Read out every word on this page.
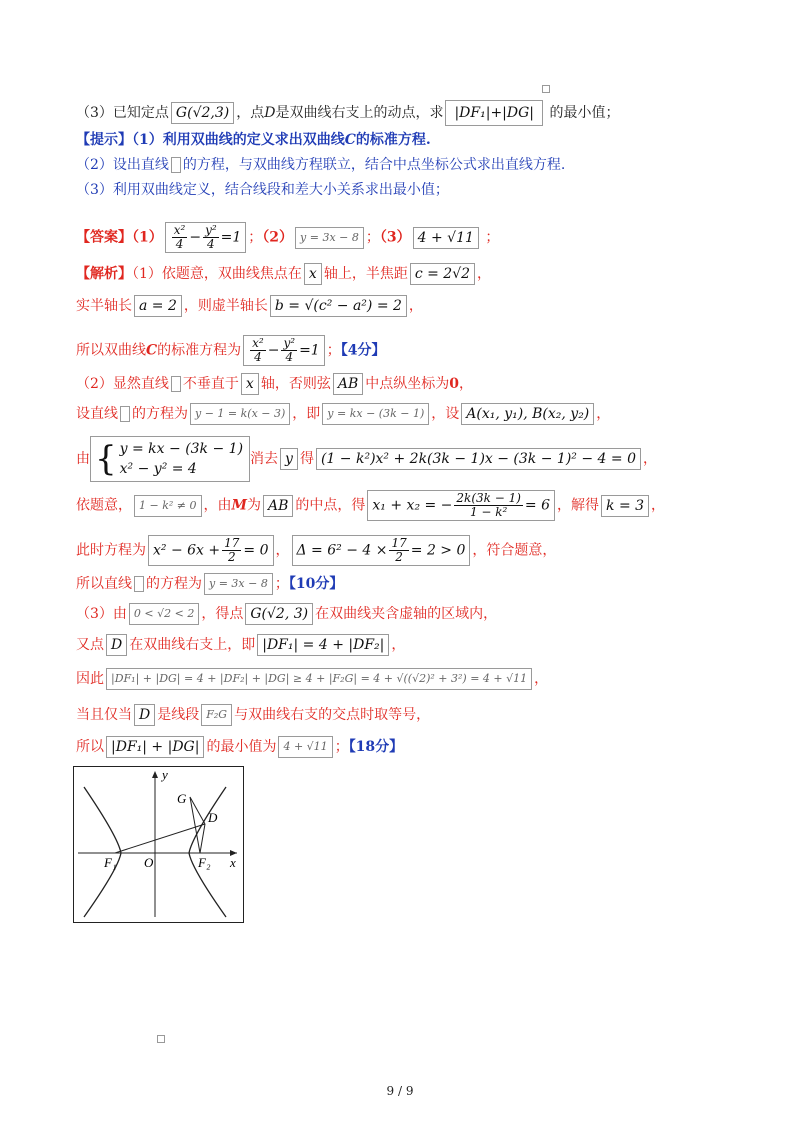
（3）已知定点 G(√2,3) ，点D是双曲线右支上的动点，求 |DF₁|+|DG| 的最小值；
【提示】（1）利用双曲线的定义求出双曲线C的标准方程.
（2）设出直线 的方程，与双曲线方程联立，结合中点坐标公式求出直线方程.
（3）利用双曲线定义，结合线段和差大小关系求出最小值；
【答案】$(1) \frac{\text{x²}}{4} - \frac{\text{y²}}{4} =1$ ；（2） y = 3x − 8 ；（3） 4 + √11 ；
【解析】（1）依题意，双曲线焦点在 x 轴上，半焦距 c = 2√2 ，
实半轴长 a = 2 ，则虚半轴长 b = √(c² − a²) = 2 ，
所以双曲线C的标准方程为 $\frac{\text{x²}}{4} - \frac{\text{y²}}{4} =1$ ；【4分】
（2）显然直线 不垂直于 x 轴，否则弦 AB 中点纵坐标为0，
设直线 的方程为 y − 1 = k(x − 3) ，即 y = kx − (3k − 1) ，设 A(x₁, y₁), B(x₂, y₂) ，
由 { y = kx − (3k − 1)
x² − y² = 4消去 y 得 (1 − k²)x² + 2k(3k − 1)x − (3k − 1)² − 4 = 0 ，
依题意， 1 − k² ≠ 0 ，由M为 AB 的中点，得 x₁ + x₂ = − $\frac{2k(3k - 1)}{\text{1 − k²}} = 6$ ，解得 k = 3 ，
此时方程为 $x^2 - 6x + \frac{17}{2} = 0$ ， $\Delta = 6^2 - 4 \times \frac{17}{2} = 2 > 0$ ，符合题意，
所以直线 的方程为 y = 3x − 8 ；【10分】
（3）由 0 < √2 < 2 ，得点 G(√2, 3) 在双曲线夹含虚轴的区域内，
又点 D 在双曲线右支上，即 |DF₁| = 4 + |DF₂| ，
因此 |DF₁| + |DG| = 4 + |DF₂| + |DG| ≥ 4 + |F₂G| = 4 + √((√2)² + 3²) = 4 + √11 ，
当且仅当 D 是线段 F₂G 与双曲线右支的交点时取等号，
所以 |DF₁| + |DG| 的最小值为 4 + √11 ；【18分】
y
x
O
F₁	F₂
G
D
9 / 9
